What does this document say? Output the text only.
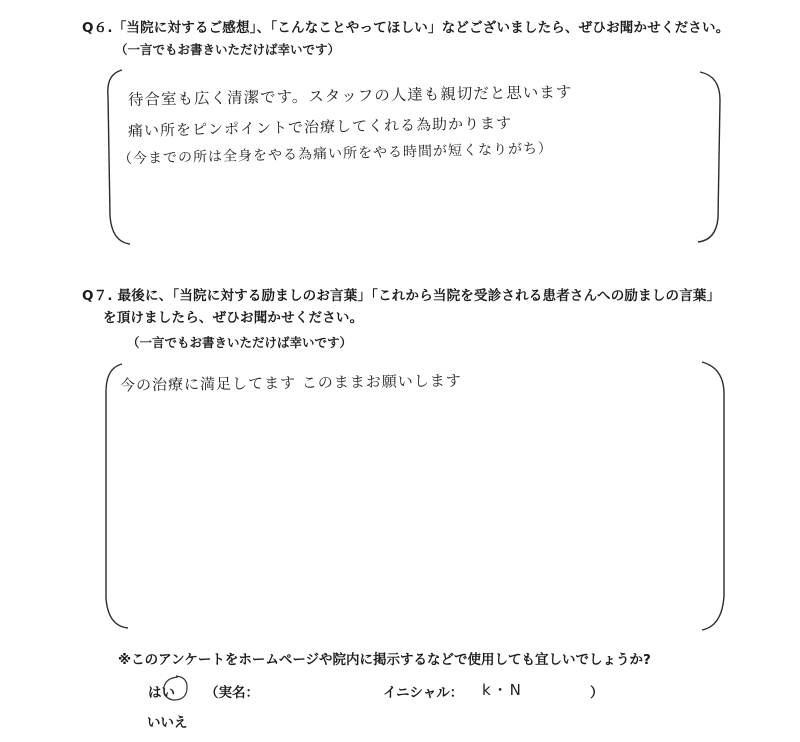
Q６.「当院に対するご感想」、「こんなことやってほしい」などございましたら、ぜひお聞かせください。
（一言でもお書きいただけば幸いです）
待合室も広く清潔です。スタッフの人達も親切だと思います
痛い所をピンポイントで治療してくれる為助かります
（今までの所は全身をやる為痛い所をやる時間が短くなりがち）
Q７. 最後に、「当院に対する励ましのお言葉」「これから当院を受診される患者さんへの励ましの言葉」
を頂けましたら、ぜひお聞かせください。
（一言でもお書きいただけば幸いです）
今の治療に満足してます このままお願いします
※このアンケートをホームページや院内に掲示するなどで使用しても宜しいでしょうか?
はい （実名：	イニシャル： k・N	）
いいえ
